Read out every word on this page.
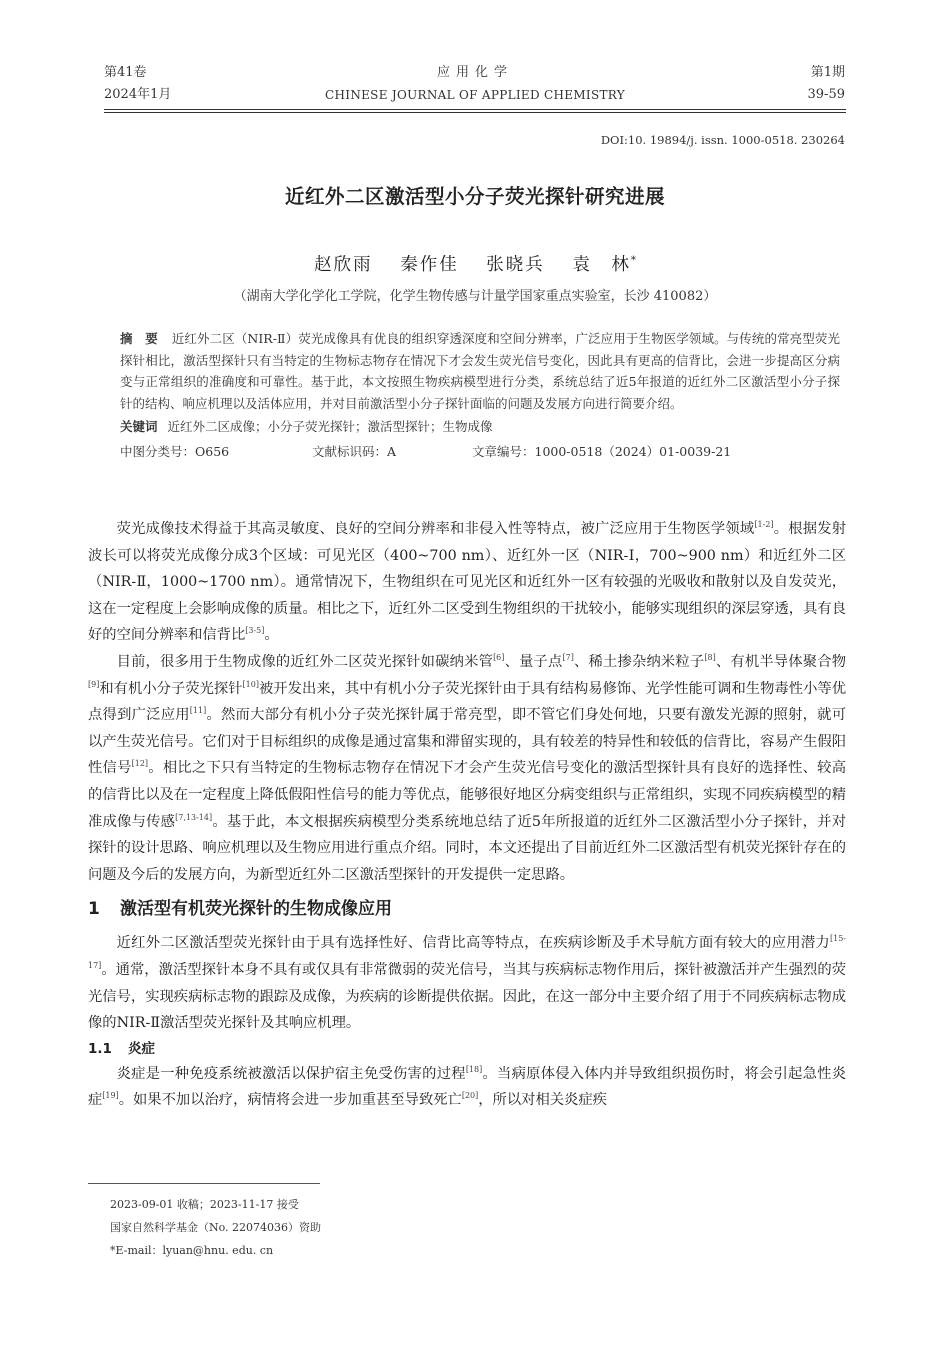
第41卷
2024年1月
应用化学
CHINESE JOURNAL OF APPLIED CHEMISTRY
第1期
39-59
DOI:10. 19894/j. issn. 1000-0518. 230264
近红外二区激活型小分子荧光探针研究进展
赵欣雨 秦作佳 张晓兵 袁　林*
（湖南大学化学化工学院，化学生物传感与计量学国家重点实验室，长沙 410082）
摘　要 近红外二区（NIR-Ⅱ）荧光成像具有优良的组织穿透深度和空间分辨率，广泛应用于生物医学领域。与传统的常亮型荧光探针相比，激活型探针只有当特定的生物标志物存在情况下才会发生荧光信号变化，因此具有更高的信背比，会进一步提高区分病变与正常组织的准确度和可靠性。基于此，本文按照生物疾病模型进行分类，系统总结了近5年报道的近红外二区激活型小分子探针的结构、响应机理以及活体应用，并对目前激活型小分子探针面临的问题及发展方向进行简要介绍。
关键词 近红外二区成像；小分子荧光探针；激活型探针；生物成像
中图分类号：O656	文献标识码：A	文章编号：1000-0518（2024）01-0039-21

荧光成像技术得益于其高灵敏度、良好的空间分辨率和非侵入性等特点，被广泛应用于生物医学领域[1-2]。根据发射波长可以将荧光成像分成3个区域：可见光区（400~700 nm）、近红外一区（NIR-Ⅰ，700~900 nm）和近红外二区（NIR-Ⅱ，1000~1700 nm）。通常情况下，生物组织在可见光区和近红外一区有较强的光吸收和散射以及自发荧光，这在一定程度上会影响成像的质量。相比之下，近红外二区受到生物组织的干扰较小，能够实现组织的深层穿透，具有良好的空间分辨率和信背比[3-5]。

目前，很多用于生物成像的近红外二区荧光探针如碳纳米管[6]、量子点[7]、稀土掺杂纳米粒子[8]、有机半导体聚合物[9]和有机小分子荧光探针[10]被开发出来，其中有机小分子荧光探针由于具有结构易修饰、光学性能可调和生物毒性小等优点得到广泛应用[11]。然而大部分有机小分子荧光探针属于常亮型，即不管它们身处何地，只要有激发光源的照射，就可以产生荧光信号。它们对于目标组织的成像是通过富集和滞留实现的，具有较差的特异性和较低的信背比，容易产生假阳性信号[12]。相比之下只有当特定的生物标志物存在情况下才会产生荧光信号变化的激活型探针具有良好的选择性、较高的信背比以及在一定程度上降低假阳性信号的能力等优点，能够很好地区分病变组织与正常组织，实现不同疾病模型的精准成像与传感[7,13-14]。基于此，本文根据疾病模型分类系统地总结了近5年所报道的近红外二区激活型小分子探针，并对探针的设计思路、响应机理以及生物应用进行重点介绍。同时，本文还提出了目前近红外二区激活型有机荧光探针存在的问题及今后的发展方向，为新型近红外二区激活型探针的开发提供一定思路。

1 激活型有机荧光探针的生物成像应用

近红外二区激活型荧光探针由于具有选择性好、信背比高等特点，在疾病诊断及手术导航方面有较大的应用潜力[15-17]。通常，激活型探针本身不具有或仅具有非常微弱的荧光信号，当其与疾病标志物作用后，探针被激活并产生强烈的荧光信号，实现疾病标志物的跟踪及成像，为疾病的诊断提供依据。因此，在这一部分中主要介绍了用于不同疾病标志物成像的NIR-Ⅱ激活型荧光探针及其响应机理。

1.1 炎症

炎症是一种免疫系统被激活以保护宿主免受伤害的过程[18]。当病原体侵入体内并导致组织损伤时，将会引起急性炎症[19]。如果不加以治疗，病情将会进一步加重甚至导致死亡[20]，所以对相关炎症疾

2023-09-01 收稿；2023-11-17 接受
国家自然科学基金（No. 22074036）资助
*E-mail：lyuan@hnu. edu. cn
